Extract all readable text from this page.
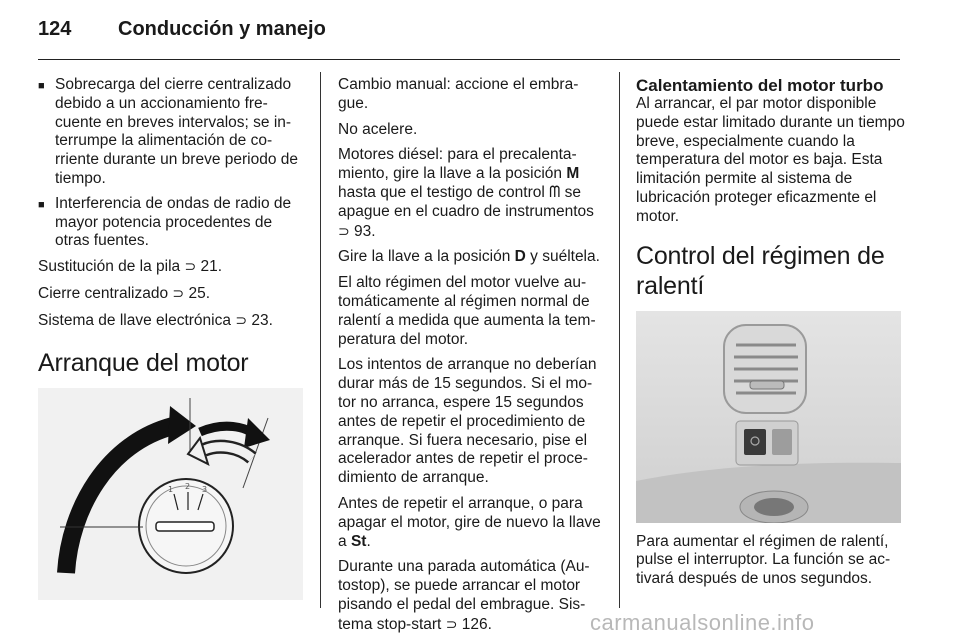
124 Conducción y manejo
■ Sobrecarga del cierre centralizado debido a un accionamiento fre-cuente en breves intervalos; se in-terrumpe la alimentación de co-rriente durante un breve periodo de tiempo.
■ Interferencia de ondas de radio de mayor potencia procedentes de otras fuentes.

Sustitución de la pila ⊃ 21.

Cierre centralizado ⊃ 25.

Sistema de llave electrónica ⊃ 23.

Arranque del motor
1 2 3

Cambio manual: accione el embra-gue.

No acelere.

Motores diésel: para el precalenta-miento, gire la llave a la posición M hasta que el testigo de control ᗰ se apague en el cuadro de instrumentos ⊃ 93.

Gire la llave a la posición D y suéltela.

El alto régimen del motor vuelve au-tomáticamente al régimen normal de ralentí a medida que aumenta la tem-peratura del motor.

Los intentos de arranque no deberían durar más de 15 segundos. Si el mo-tor no arranca, espere 15 segundos antes de repetir el procedimiento de arranque. Si fuera necesario, pise el acelerador antes de repetir el proce-dimiento de arranque.

Antes de repetir el arranque, o para apagar el motor, gire de nuevo la llave a St.

Durante una parada automática (Au-tostop), se puede arrancar el motor pisando el pedal del embrague. Sis-tema stop-start ⊃ 126.

Calentamiento del motor turbo

Al arrancar, el par motor disponible puede estar limitado durante un tiempo breve, especialmente cuando la temperatura del motor es baja. Esta limitación permite al sistema de lubricación proteger eficazmente el motor.

Control del régimen de ralentí

Para aumentar el régimen de ralentí, pulse el interruptor. La función se ac-tivará después de unos segundos.

carmanualsonline.info
